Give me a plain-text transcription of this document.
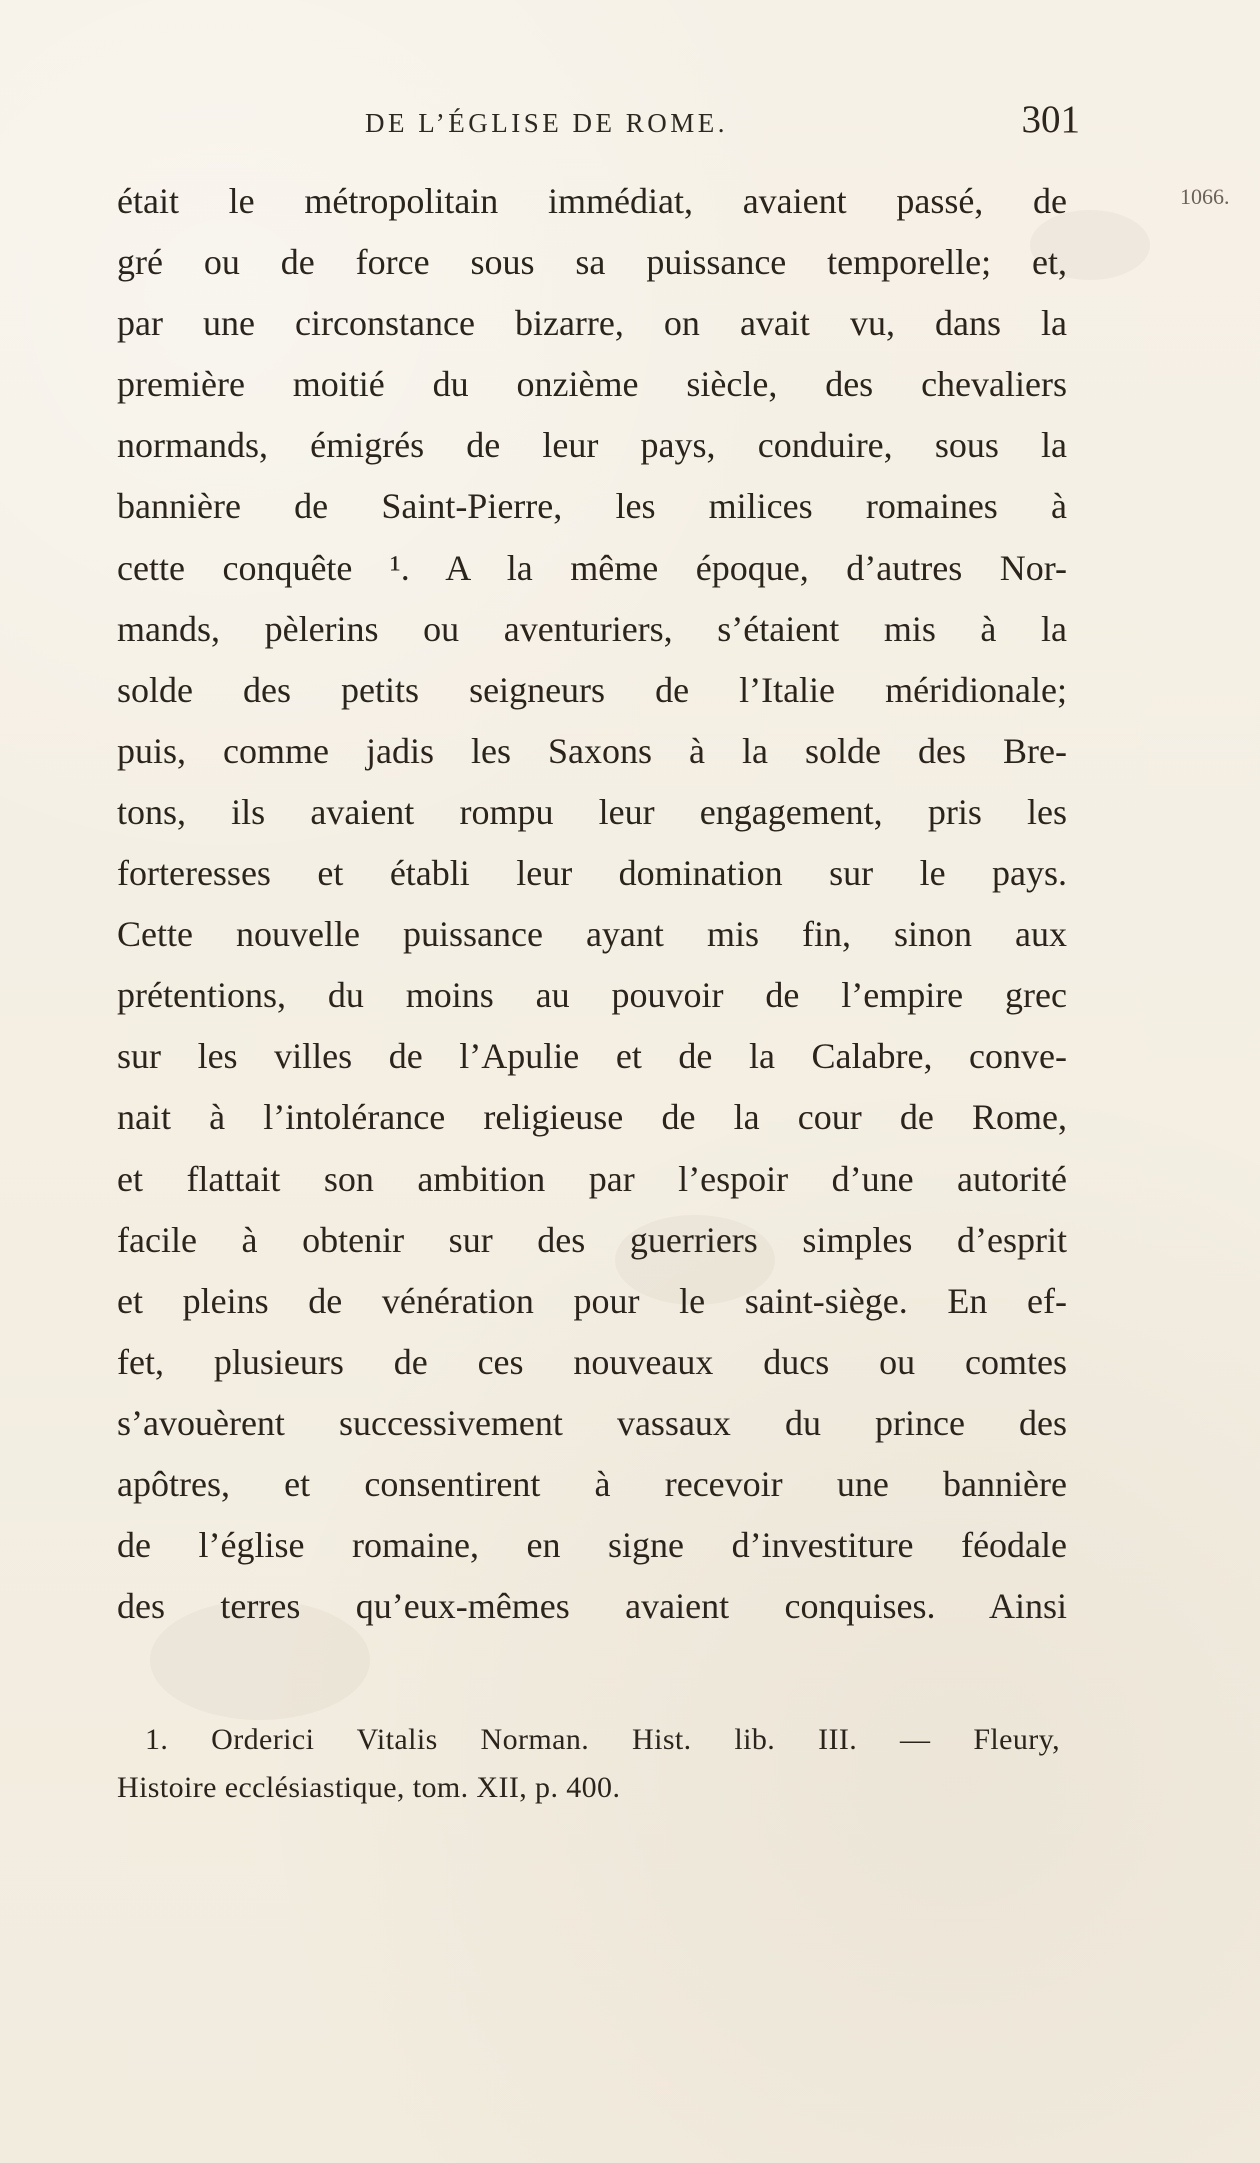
DE L’ÉGLISE DE ROME.	301
1066.
était le métropolitain immédiat, avaient passé, de
gré ou de force sous sa puissance temporelle; et,
par une circonstance bizarre, on avait vu, dans la
première moitié du onzième siècle, des chevaliers
normands, émigrés de leur pays, conduire, sous la
bannière de Saint-Pierre, les milices romaines à
cette conquête ¹. A la même époque, d’autres Nor-
mands, pèlerins ou aventuriers, s’étaient mis à la
solde des petits seigneurs de l’Italie méridionale;
puis, comme jadis les Saxons à la solde des Bre-
tons, ils avaient rompu leur engagement, pris les
forteresses et établi leur domination sur le pays.
Cette nouvelle puissance ayant mis fin, sinon aux
prétentions, du moins au pouvoir de l’empire grec
sur les villes de l’Apulie et de la Calabre, conve-
nait à l’intolérance religieuse de la cour de Rome,
et flattait son ambition par l’espoir d’une autorité
facile à obtenir sur des guerriers simples d’esprit
et pleins de vénération pour le saint-siège. En ef-
fet, plusieurs de ces nouveaux ducs ou comtes
s’avouèrent successivement vassaux du prince des
apôtres, et consentirent à recevoir une bannière
de l’église romaine, en signe d’investiture féodale
des terres qu’eux-mêmes avaient conquises. Ainsi
1. Orderici Vitalis Norman. Hist. lib. III. — Fleury,
Histoire ecclésiastique, tom. XII, p. 400.
